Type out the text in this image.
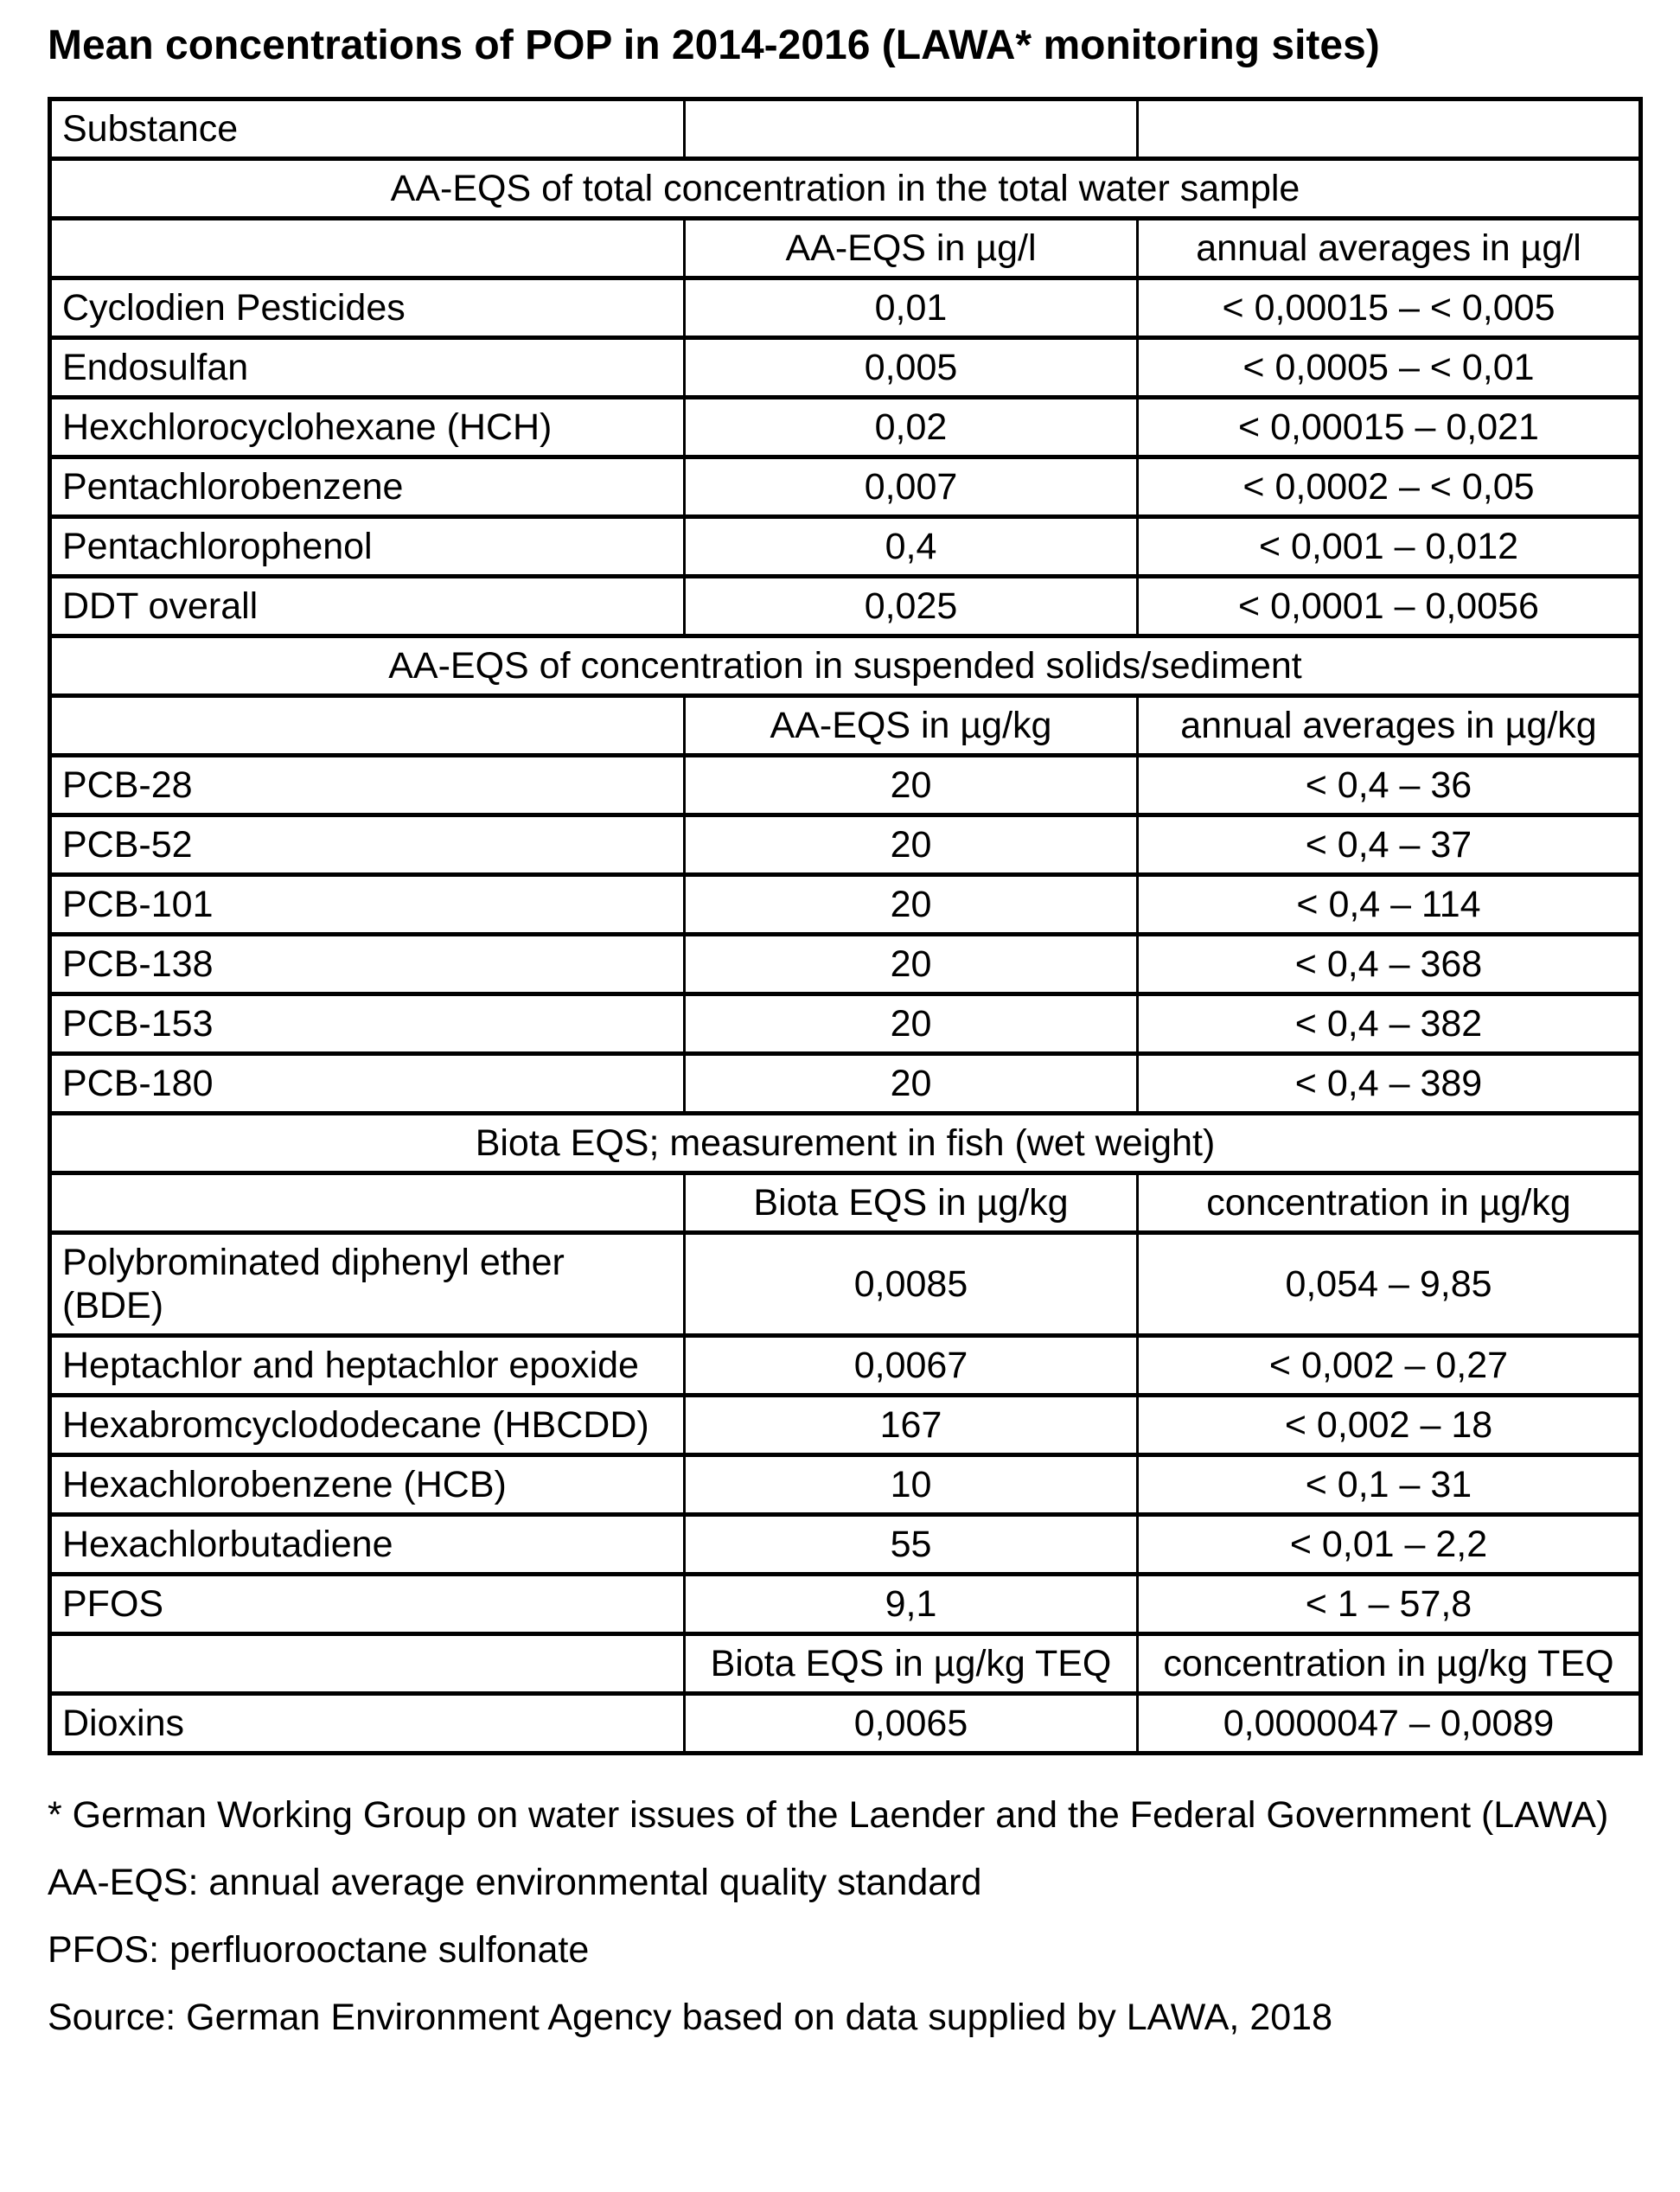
Mean concentrations of POP in 2014-2016 (LAWA* monitoring sites)
Substance		
AA-EQS of total concentration in the total water sample		
	AA-EQS in µg/l	annual averages in µg/l
Cyclodien Pesticides	0,01	< 0,00015 – < 0,005
Endosulfan	0,005	< 0,0005 – < 0,01
Hexchlorocyclohexane (HCH)	0,02	< 0,00015 – 0,021
Pentachlorobenzene	0,007	< 0,0002 – < 0,05
Pentachlorophenol	0,4	< 0,001 – 0,012
DDT overall	0,025	< 0,0001 – 0,0056
AA-EQS of concentration in suspended solids/sediment		
	AA-EQS in µg/kg	annual averages in µg/kg
PCB-28	20	< 0,4 – 36
PCB-52	20	< 0,4 – 37
PCB-101	20	< 0,4 – 114
PCB-138	20	< 0,4 – 368
PCB-153	20	< 0,4 – 382
PCB-180	20	< 0,4 – 389
Biota EQS; measurement in fish (wet weight)		
	Biota EQS in µg/kg	concentration in µg/kg
Polybrominated diphenyl ether (BDE)	0,0085	0,054 – 9,85
Heptachlor and heptachlor epoxide	0,0067	< 0,002 – 0,27
Hexabromcyclododecane (HBCDD)	167	< 0,002 – 18
Hexachlorobenzene (HCB)	10	< 0,1 – 31
Hexachlorbutadiene	55	< 0,01 – 2,2
PFOS	9,1	< 1 – 57,8
	Biota EQS in µg/kg TEQ	concentration in µg/kg TEQ
Dioxins	0,0065	0,0000047 – 0,0089

* German Working Group on water issues of the Laender and the Federal Government (LAWA)

AA-EQS: annual average environmental quality standard

PFOS: perfluorooctane sulfonate

Source: German Environment Agency based on data supplied by LAWA, 2018
